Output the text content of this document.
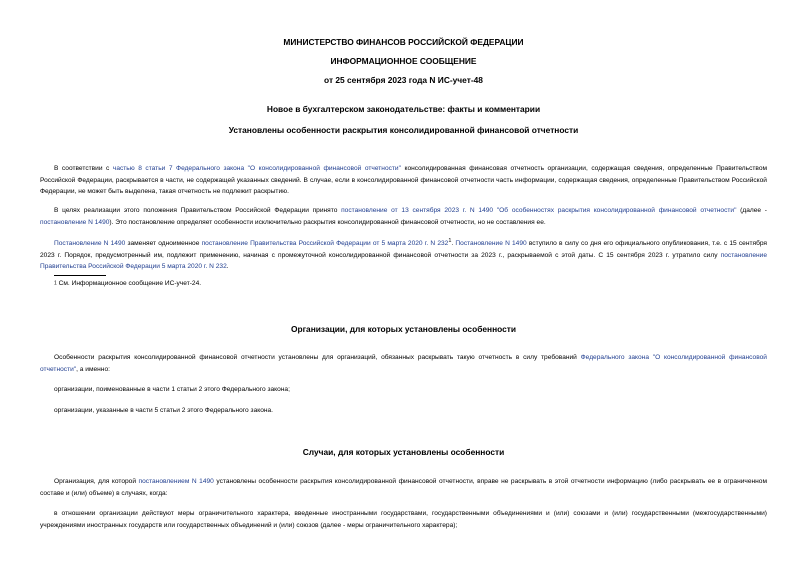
МИНИСТЕРСТВО ФИНАНСОВ РОССИЙСКОЙ ФЕДЕРАЦИИ
ИНФОРМАЦИОННОЕ СООБЩЕНИЕ
от 25 сентября 2023 года N ИС-учет-48
Новое в бухгалтерском законодательстве: факты и комментарии
Установлены особенности раскрытия консолидированной финансовой отчетности
В соответствии с частью 8 статьи 7 Федерального закона "О консолидированной финансовой отчетности" консолидированная финансовая отчетность организации, содержащая сведения, определенные Правительством Российской Федерации, раскрывается в части, не содержащей указанных сведений. В случае, если в консолидированной финансовой отчетности часть информации, содержащая сведения, определенные Правительством Российской Федерации, не может быть выделена, такая отчетность не подлежит раскрытию.
В целях реализации этого положения Правительством Российской Федерации принято постановление от 13 сентября 2023 г. N 1490 "Об особенностях раскрытия консолидированной финансовой отчетности" (далее - постановление N 1490). Это постановление определяет особенности исключительно раскрытия консолидированной финансовой отчетности, но не составления ее.
Постановление N 1490 заменяет одноименное постановление Правительства Российской Федерации от 5 марта 2020 г. N $232^1$. Постановление N 1490 вступило в силу со дня его официального опубликования, т.е. с 15 сентября 2023 г. Порядок, предусмотренный им, подлежит применению, начиная с промежуточной консолидированной финансовой отчетности за 2023 г., раскрываемой с этой даты. С 15 сентября 2023 г. утратило силу постановление Правительства Российской Федерации 5 марта 2020 г. N 232.
1 См. Информационное сообщение ИС-учет-24.
Организации, для которых установлены особенности
Особенности раскрытия консолидированной финансовой отчетности установлены для организаций, обязанных раскрывать такую отчетность в силу требований Федерального закона "О консолидированной финансовой отчетности", а именно:
организации, поименованные в части 1 статьи 2 этого Федерального закона;
организации, указанные в части 5 статьи 2 этого Федерального закона.
Случаи, для которых установлены особенности
Организация, для которой постановлением N 1490 установлены особенности раскрытия консолидированной финансовой отчетности, вправе не раскрывать в этой отчетности информацию (либо раскрывать ее в ограниченном составе и (или) объеме) в случаях, когда:
в отношении организации действуют меры ограничительного характера, введенные иностранными государствами, государственными объединениями и (или) союзами и (или) государственными (межгосударственными) учреждениями иностранных государств или государственных объединений и (или) союзов (далее - меры ограничительного характера);
